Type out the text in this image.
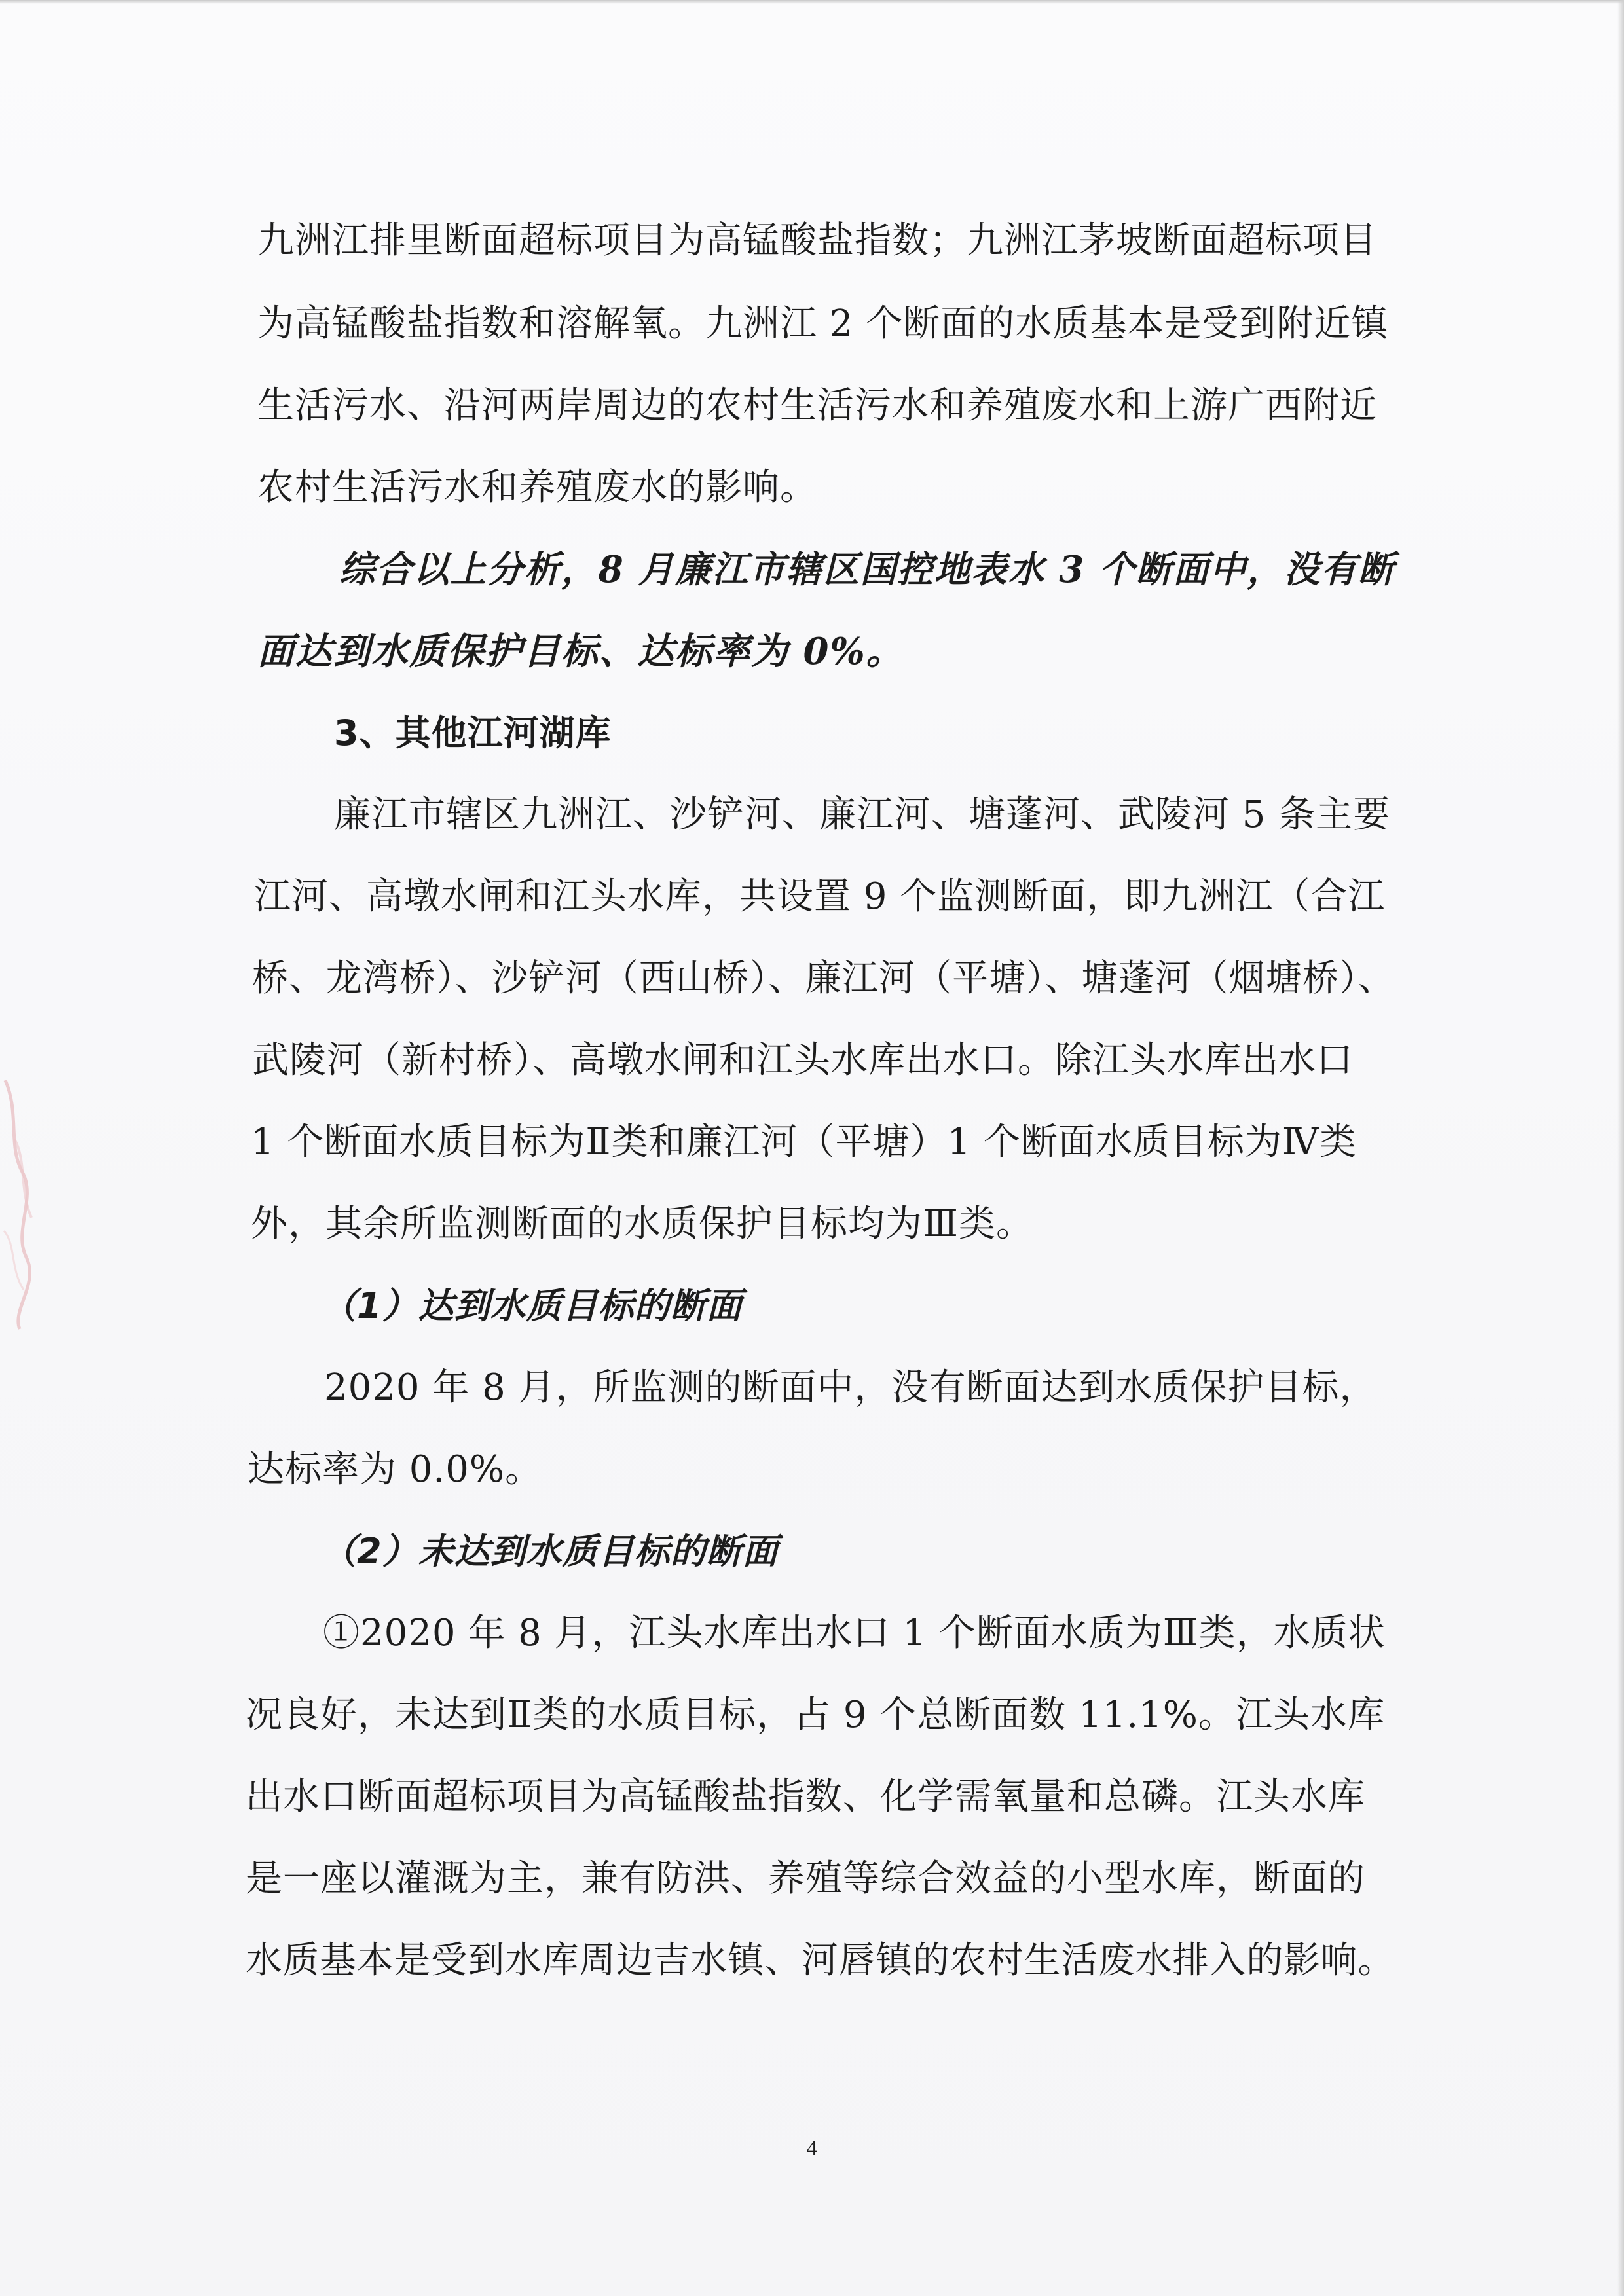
九洲江排里断面超标项目为高锰酸盐指数；九洲江茅坡断面超标项目
为高锰酸盐指数和溶解氧。九洲江 2 个断面的水质基本是受到附近镇
生活污水、沿河两岸周边的农村生活污水和养殖废水和上游广西附近
农村生活污水和养殖废水的影响。
综合以上分析，8 月廉江市辖区国控地表水 3 个断面中，没有断
面达到水质保护目标、达标率为 0%。
3、其他江河湖库
廉江市辖区九洲江、沙铲河、廉江河、塘蓬河、武陵河 5 条主要
江河、高墩水闸和江头水库，共设置 9 个监测断面，即九洲江（合江
桥、龙湾桥）、沙铲河（西山桥）、廉江河（平塘）、塘蓬河（烟塘桥）、
武陵河（新村桥）、高墩水闸和江头水库出水口。除江头水库出水口
1 个断面水质目标为Ⅱ类和廉江河（平塘）1 个断面水质目标为Ⅳ类
外，其余所监测断面的水质保护目标均为Ⅲ类。
（1）达到水质目标的断面
2020 年 8 月，所监测的断面中，没有断面达到水质保护目标，
达标率为 0.0%。
（2）未达到水质目标的断面
①2020 年 8 月，江头水库出水口 1 个断面水质为Ⅲ类，水质状
况良好，未达到Ⅱ类的水质目标，占 9 个总断面数 11.1%。江头水库
出水口断面超标项目为高锰酸盐指数、化学需氧量和总磷。江头水库
是一座以灌溉为主，兼有防洪、养殖等综合效益的小型水库，断面的
水质基本是受到水库周边吉水镇、河唇镇的农村生活废水排入的影响。
4
